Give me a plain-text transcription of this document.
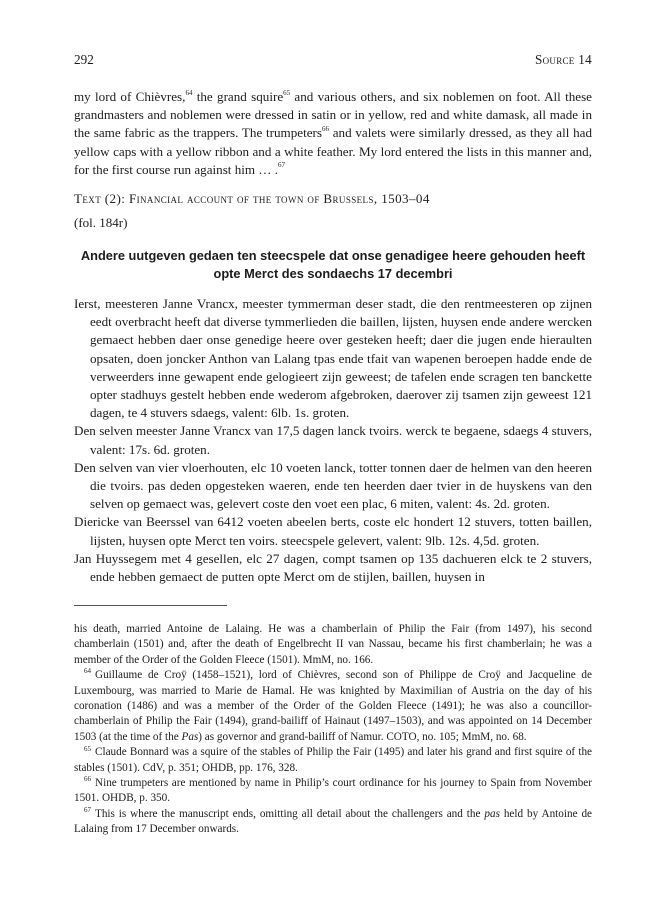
292	Source 14

my lord of Chièvres,$^{64}$ the grand squire$^{65}$ and various others, and six noblemen on foot. All these grandmasters and noblemen were dressed in satin or in yellow, red and white damask, all made in the same fabric as the trappers. The trumpeters$^{66}$ and valets were similarly dressed, as they all had yellow caps with a yellow ribbon and a white feather. My lord entered the lists in this manner and, for the first course run against him … .$^{67}$

Text (2): Financial account of the town of Brussels, 1503–04

(fol. 184r)

Andere uutgeven gedaen ten steecspele dat onse genadigee heere gehouden heeft opte Merct des sondaechs 17 decembri

Ierst, meesteren Janne Vrancx, meester tymmerman deser stadt, die den rentmeesteren op zijnen eedt overbracht heeft dat diverse tymmerlieden die baillen, lijsten, huysen ende andere wercken gemaect hebben daer onse genedige heere over gesteken heeft; daer die jugen ende hieraulten opsaten, doen joncker Anthon van Lalang tpas ende tfait van wapenen beroepen hadde ende de verweerders inne gewapent ende gelogieert zijn geweest; de tafelen ende scragen ten banckette opter stadhuys gestelt hebben ende wederom afgebroken, daerover zij tsamen zijn geweest 121 dagen, te 4 stuvers sdaegs, valent: 6lb. 1s. groten.
Den selven meester Janne Vrancx van 17,5 dagen lanck tvoirs. werck te begaene, sdaegs 4 stuvers, valent: 17s. 6d. groten.
Den selven van vier vloerhouten, elc 10 voeten lanck, totter tonnen daer de helmen van den heeren die tvoirs. pas deden opgesteken waeren, ende ten heerden daer tvier in de huyskens van den selven op gemaect was, gelevert coste den voet een plac, 6 miten, valent: 4s. 2d. groten.
Diericke van Beerssel van 6412 voeten abeelen berts, coste elc hondert 12 stuvers, totten baillen, lijsten, huysen opte Merct ten voirs. steecspele gelevert, valent: 9lb. 12s. 4,5d. groten.
Jan Huyssegem met 4 gesellen, elc 27 dagen, compt tsamen op 135 dachueren elck te 2 stuvers, ende hebben gemaect de putten opte Merct om de stijlen, baillen, huysen in

his death, married Antoine de Lalaing. He was a chamberlain of Philip the Fair (from 1497), his second chamberlain (1501) and, after the death of Engelbrecht II van Nassau, became his first chamberlain; he was a member of the Order of the Golden Fleece (1501). MmM, no. 166.

$^{64}$ Guillaume de Croÿ (1458–1521), lord of Chièvres, second son of Philippe de Croÿ and Jacqueline de Luxembourg, was married to Marie de Hamal. He was knighted by Maximilian of Austria on the day of his coronation (1486) and was a member of the Order of the Golden Fleece (1491); he was also a councillor-chamberlain of Philip the Fair (1494), grand-bailiff of Hainaut (1497–1503), and was appointed on 14 December 1503 (at the time of the Pas) as governor and grand-bailiff of Namur. COTO, no. 105; MmM, no. 68.

$^{65}$ Claude Bonnard was a squire of the stables of Philip the Fair (1495) and later his grand and first squire of the stables (1501). CdV, p. 351; OHDB, pp. 176, 328.

$^{66}$ Nine trumpeters are mentioned by name in Philip’s court ordinance for his journey to Spain from November 1501. OHDB, p. 350.

$^{67}$ This is where the manuscript ends, omitting all detail about the challengers and the pas held by Antoine de Lalaing from 17 December onwards.
